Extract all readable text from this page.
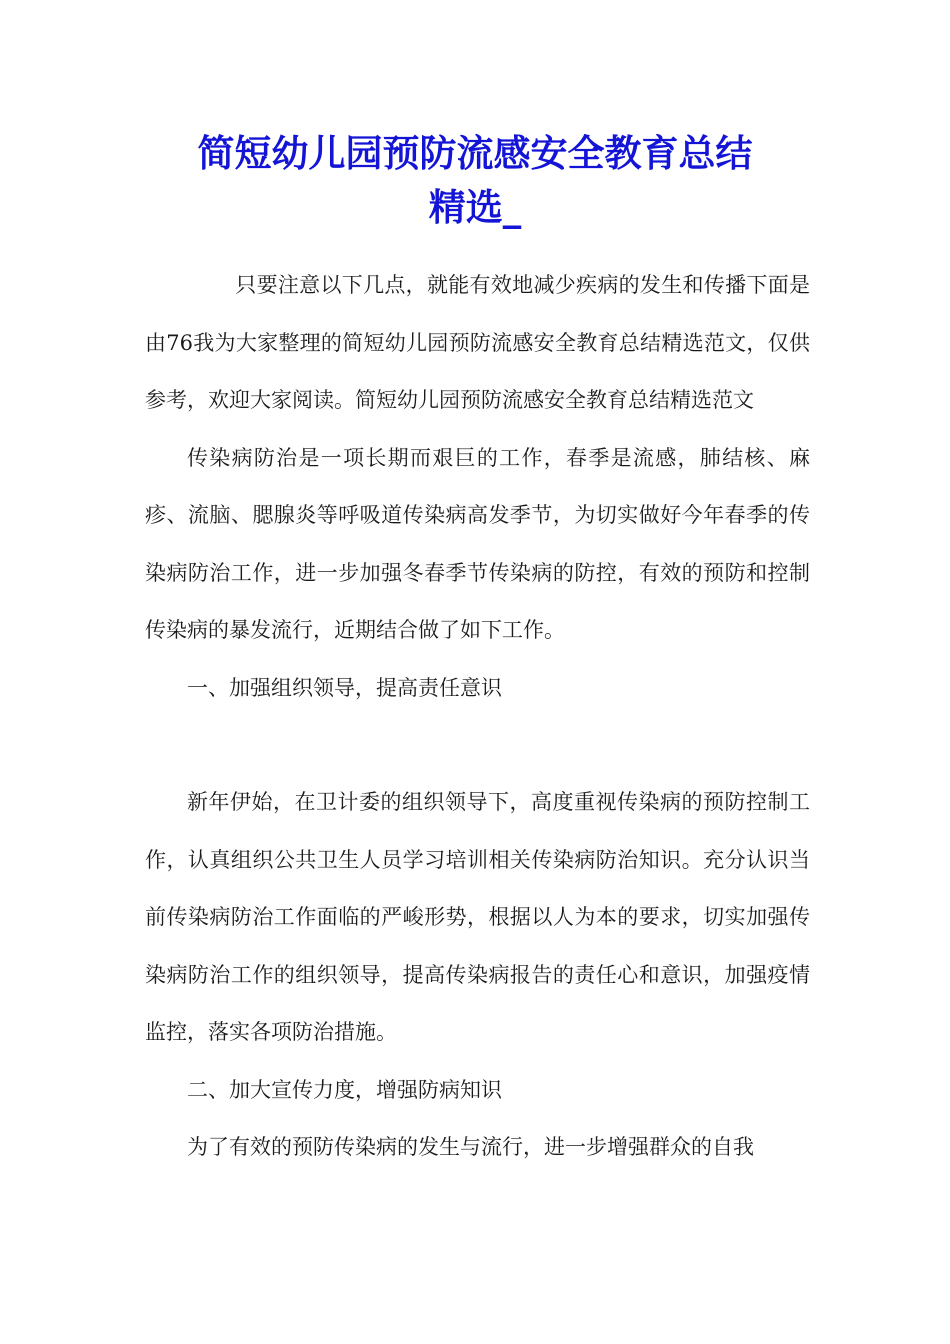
简短幼儿园预防流感安全教育总结
精选_

只要注意以下几点，就能有效地减少疾病的发生和传播下面是由76我为大家整理的简短幼儿园预防流感安全教育总结精选范文，仅供参考，欢迎大家阅读。简短幼儿园预防流感安全教育总结精选范文

传染病防治是一项长期而艰巨的工作，春季是流感，肺结核、麻疹、流脑、腮腺炎等呼吸道传染病高发季节，为切实做好今年春季的传染病防治工作，进一步加强冬春季节传染病的防控，有效的预防和控制传染病的暴发流行，近期结合做了如下工作。

一、加强组织领导，提高责任意识

新年伊始，在卫计委的组织领导下，高度重视传染病的预防控制工作，认真组织公共卫生人员学习培训相关传染病防治知识。充分认识当前传染病防治工作面临的严峻形势，根据以人为本的要求，切实加强传染病防治工作的组织领导，提高传染病报告的责任心和意识，加强疫情监控，落实各项防治措施。

二、加大宣传力度，增强防病知识

为了有效的预防传染病的发生与流行，进一步增强群众的自我
